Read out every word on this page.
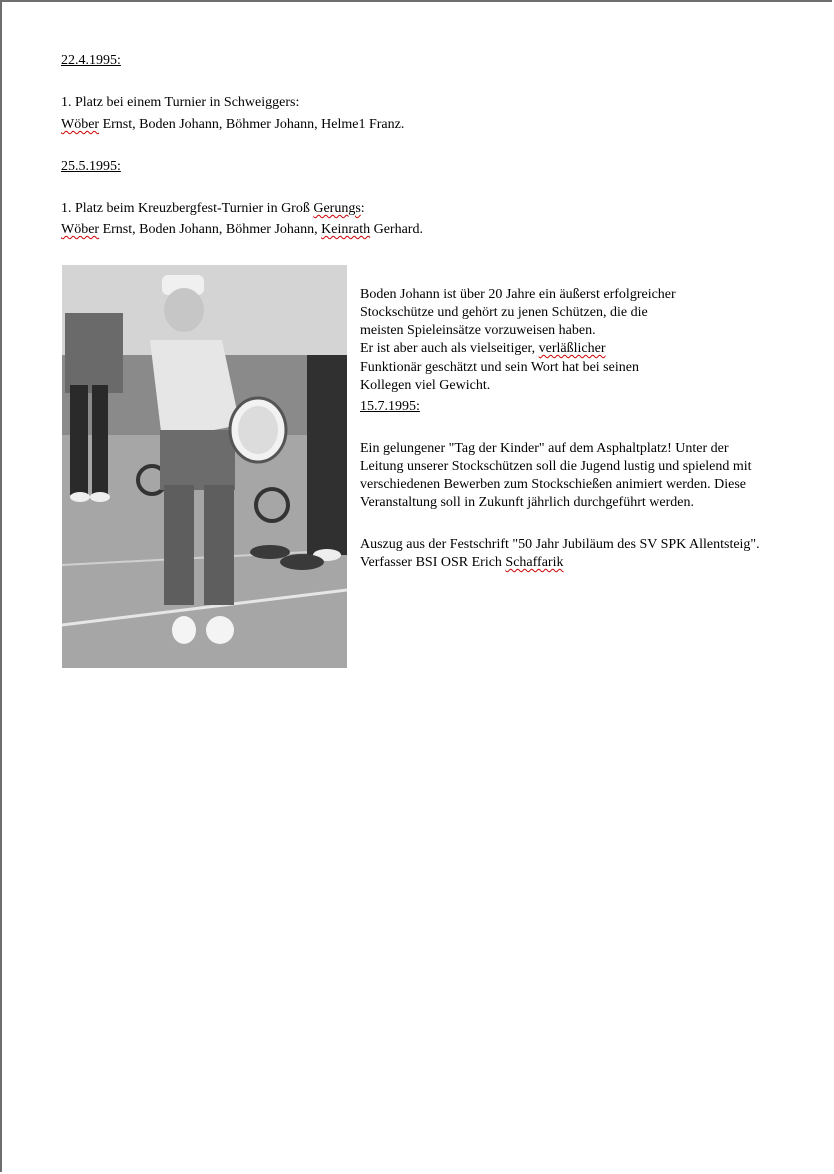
22.4.1995:
1. Platz bei einem Turnier in Schweiggers:
Wöber Ernst, Boden Johann, Böhmer Johann, Helme1 Franz.
25.5.1995:
1. Platz beim Kreuzbergfest-Turnier in Groß Gerungs:
Wöber Ernst, Boden Johann, Böhmer Johann, Keinrath Gerhard.
Boden Johann ist über 20 Jahre ein äußerst erfolgreicher
Stockschütze und gehört zu jenen Schützen, die die
meisten Spieleinsätze vorzuweisen haben.
Er ist aber auch als vielseitiger, verläßlicher
Funktionär geschätzt und sein Wort hat bei seinen
Kollegen viel Gewicht.
15.7.1995:
Ein gelungener "Tag der Kinder" auf dem Asphaltplatz! Unter der
Leitung unserer Stockschützen soll die Jugend lustig und spielend mit
verschiedenen Bewerben zum Stockschießen animiert werden. Diese
Veranstaltung soll in Zukunft jährlich durchgeführt werden.
Auszug aus der Festschrift "50 Jahr Jubiläum des SV SPK Allentsteig".
Verfasser BSI OSR Erich Schaffarik
